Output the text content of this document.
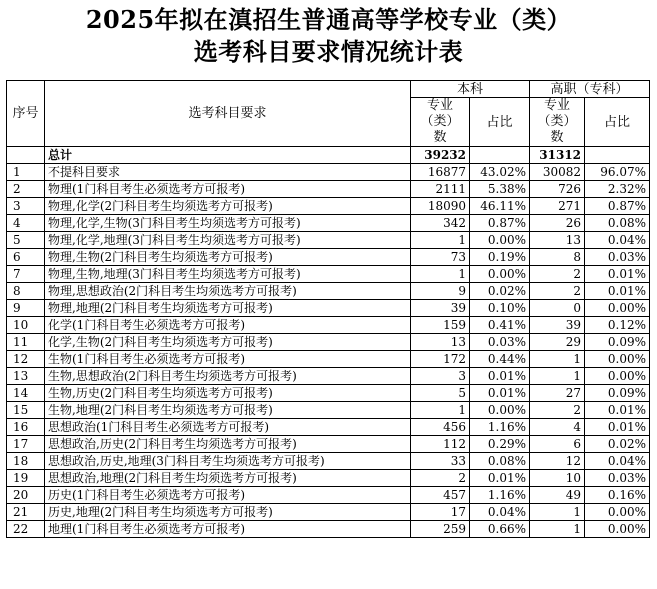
2025年拟在滇招生普通高等学校专业（类）
选考科目要求情况统计表
序号	选考科目要求	本科		高职（专科）	

		专业
（类）
数	占比	专业
（类）
数	占比
	总计	39232		31312	
1	不提科目要求	16877	43.02%	30082	96.07%
2	物理(1门科目考生必须选考方可报考)	2111	5.38%	726	2.32%
3	物理,化学(2门科目考生均须选考方可报考)	18090	46.11%	271	0.87%
4	物理,化学,生物(3门科目考生均须选考方可报考)	342	0.87%	26	0.08%
5	物理,化学,地理(3门科目考生均须选考方可报考)	1	0.00%	13	0.04%
6	物理,生物(2门科目考生均须选考方可报考)	73	0.19%	8	0.03%
7	物理,生物,地理(3门科目考生均须选考方可报考)	1	0.00%	2	0.01%
8	物理,思想政治(2门科目考生均须选考方可报考)	9	0.02%	2	0.01%
9	物理,地理(2门科目考生均须选考方可报考)	39	0.10%	0	0.00%
10	化学(1门科目考生必须选考方可报考)	159	0.41%	39	0.12%
11	化学,生物(2门科目考生均须选考方可报考)	13	0.03%	29	0.09%
12	生物(1门科目考生必须选考方可报考)	172	0.44%	1	0.00%
13	生物,思想政治(2门科目考生均须选考方可报考)	3	0.01%	1	0.00%
14	生物,历史(2门科目考生均须选考方可报考)	5	0.01%	27	0.09%
15	生物,地理(2门科目考生均须选考方可报考)	1	0.00%	2	0.01%
16	思想政治(1门科目考生必须选考方可报考)	456	1.16%	4	0.01%
17	思想政治,历史(2门科目考生均须选考方可报考)	112	0.29%	6	0.02%
18	思想政治,历史,地理(3门科目考生均须选考方可报考)	33	0.08%	12	0.04%
19	思想政治,地理(2门科目考生均须选考方可报考)	2	0.01%	10	0.03%
20	历史(1门科目考生必须选考方可报考)	457	1.16%	49	0.16%
21	历史,地理(2门科目考生均须选考方可报考)	17	0.04%	1	0.00%
22	地理(1门科目考生必须选考方可报考)	259	0.66%	1	0.00%
